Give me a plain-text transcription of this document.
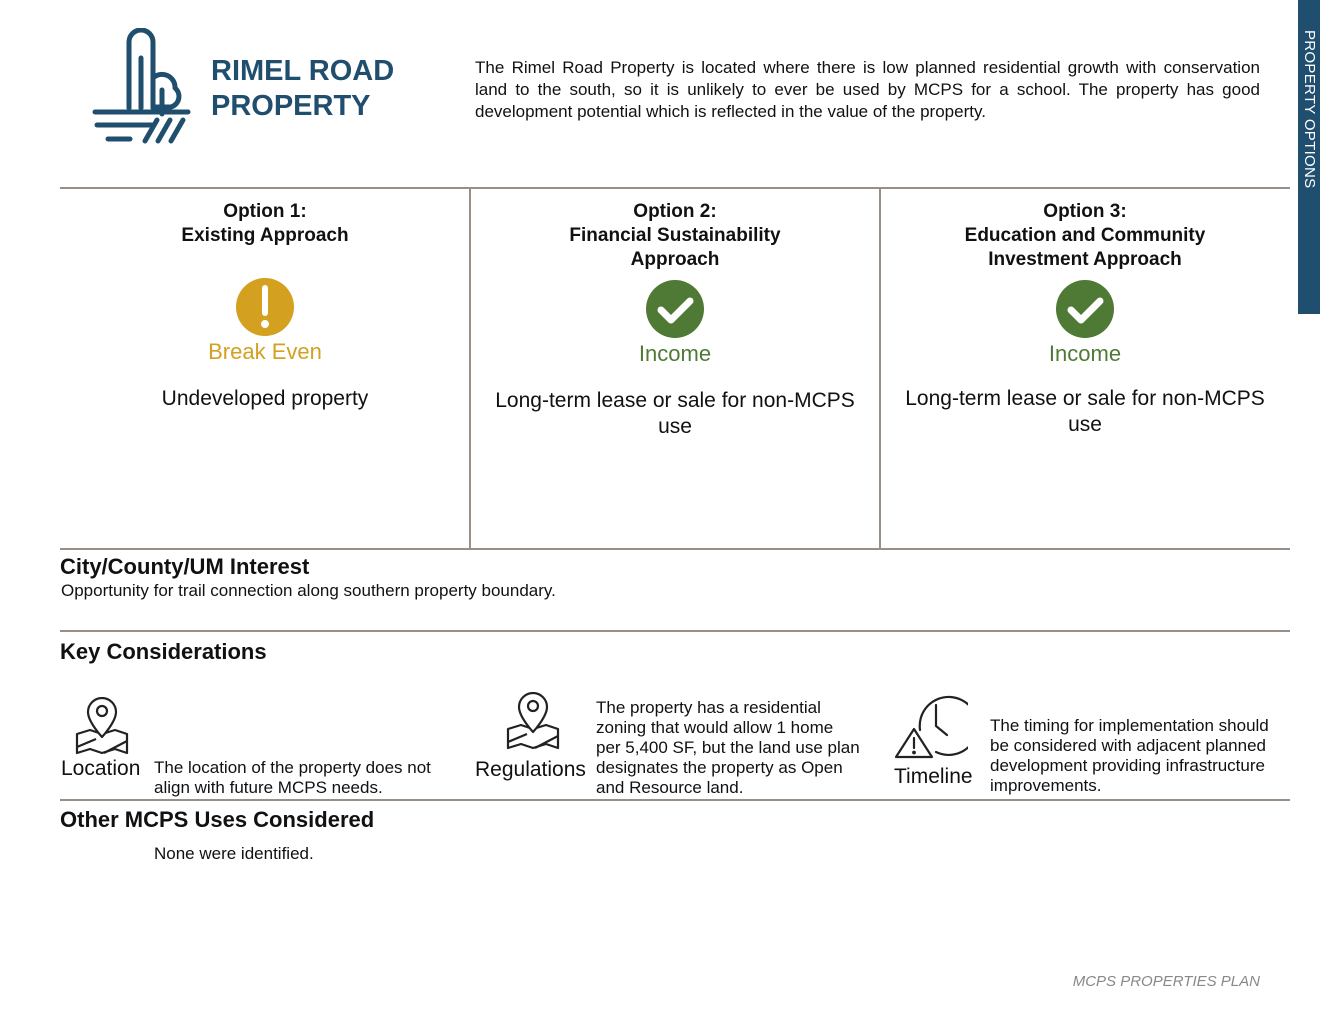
RIMEL ROAD
PROPERTY
The Rimel Road Property is located where there is low planned residential growth with conservation land to the south, so it is unlikely to ever be used by MCPS for a school. The property has good development potential which is reflected in the value of the property.	PROPERTY OPTIONS
Option 1:
Existing Approach
Break Even
Undeveloped property
Option 2:
Financial Sustainability
Approach
Income
Long-term lease or sale for non-MCPS use
Option 3:
Education and Community
Investment Approach
Income
Long-term lease or sale for non-MCPS use
City/County/UM Interest
Opportunity for trail connection along southern property boundary.
Key Considerations
Location The location of the property does not
align with future MCPS needs.
Regulations
The property has a residential
zoning that would allow 1 home
per 5,400 SF, but the land use plan
designates the property as Open
and Resource land.	Timeline
The timing for implementation should
be considered with adjacent planned
development providing infrastructure
improvements.
Other MCPS Uses Considered
None were identified.
MCPS PROPERTIES PLAN
